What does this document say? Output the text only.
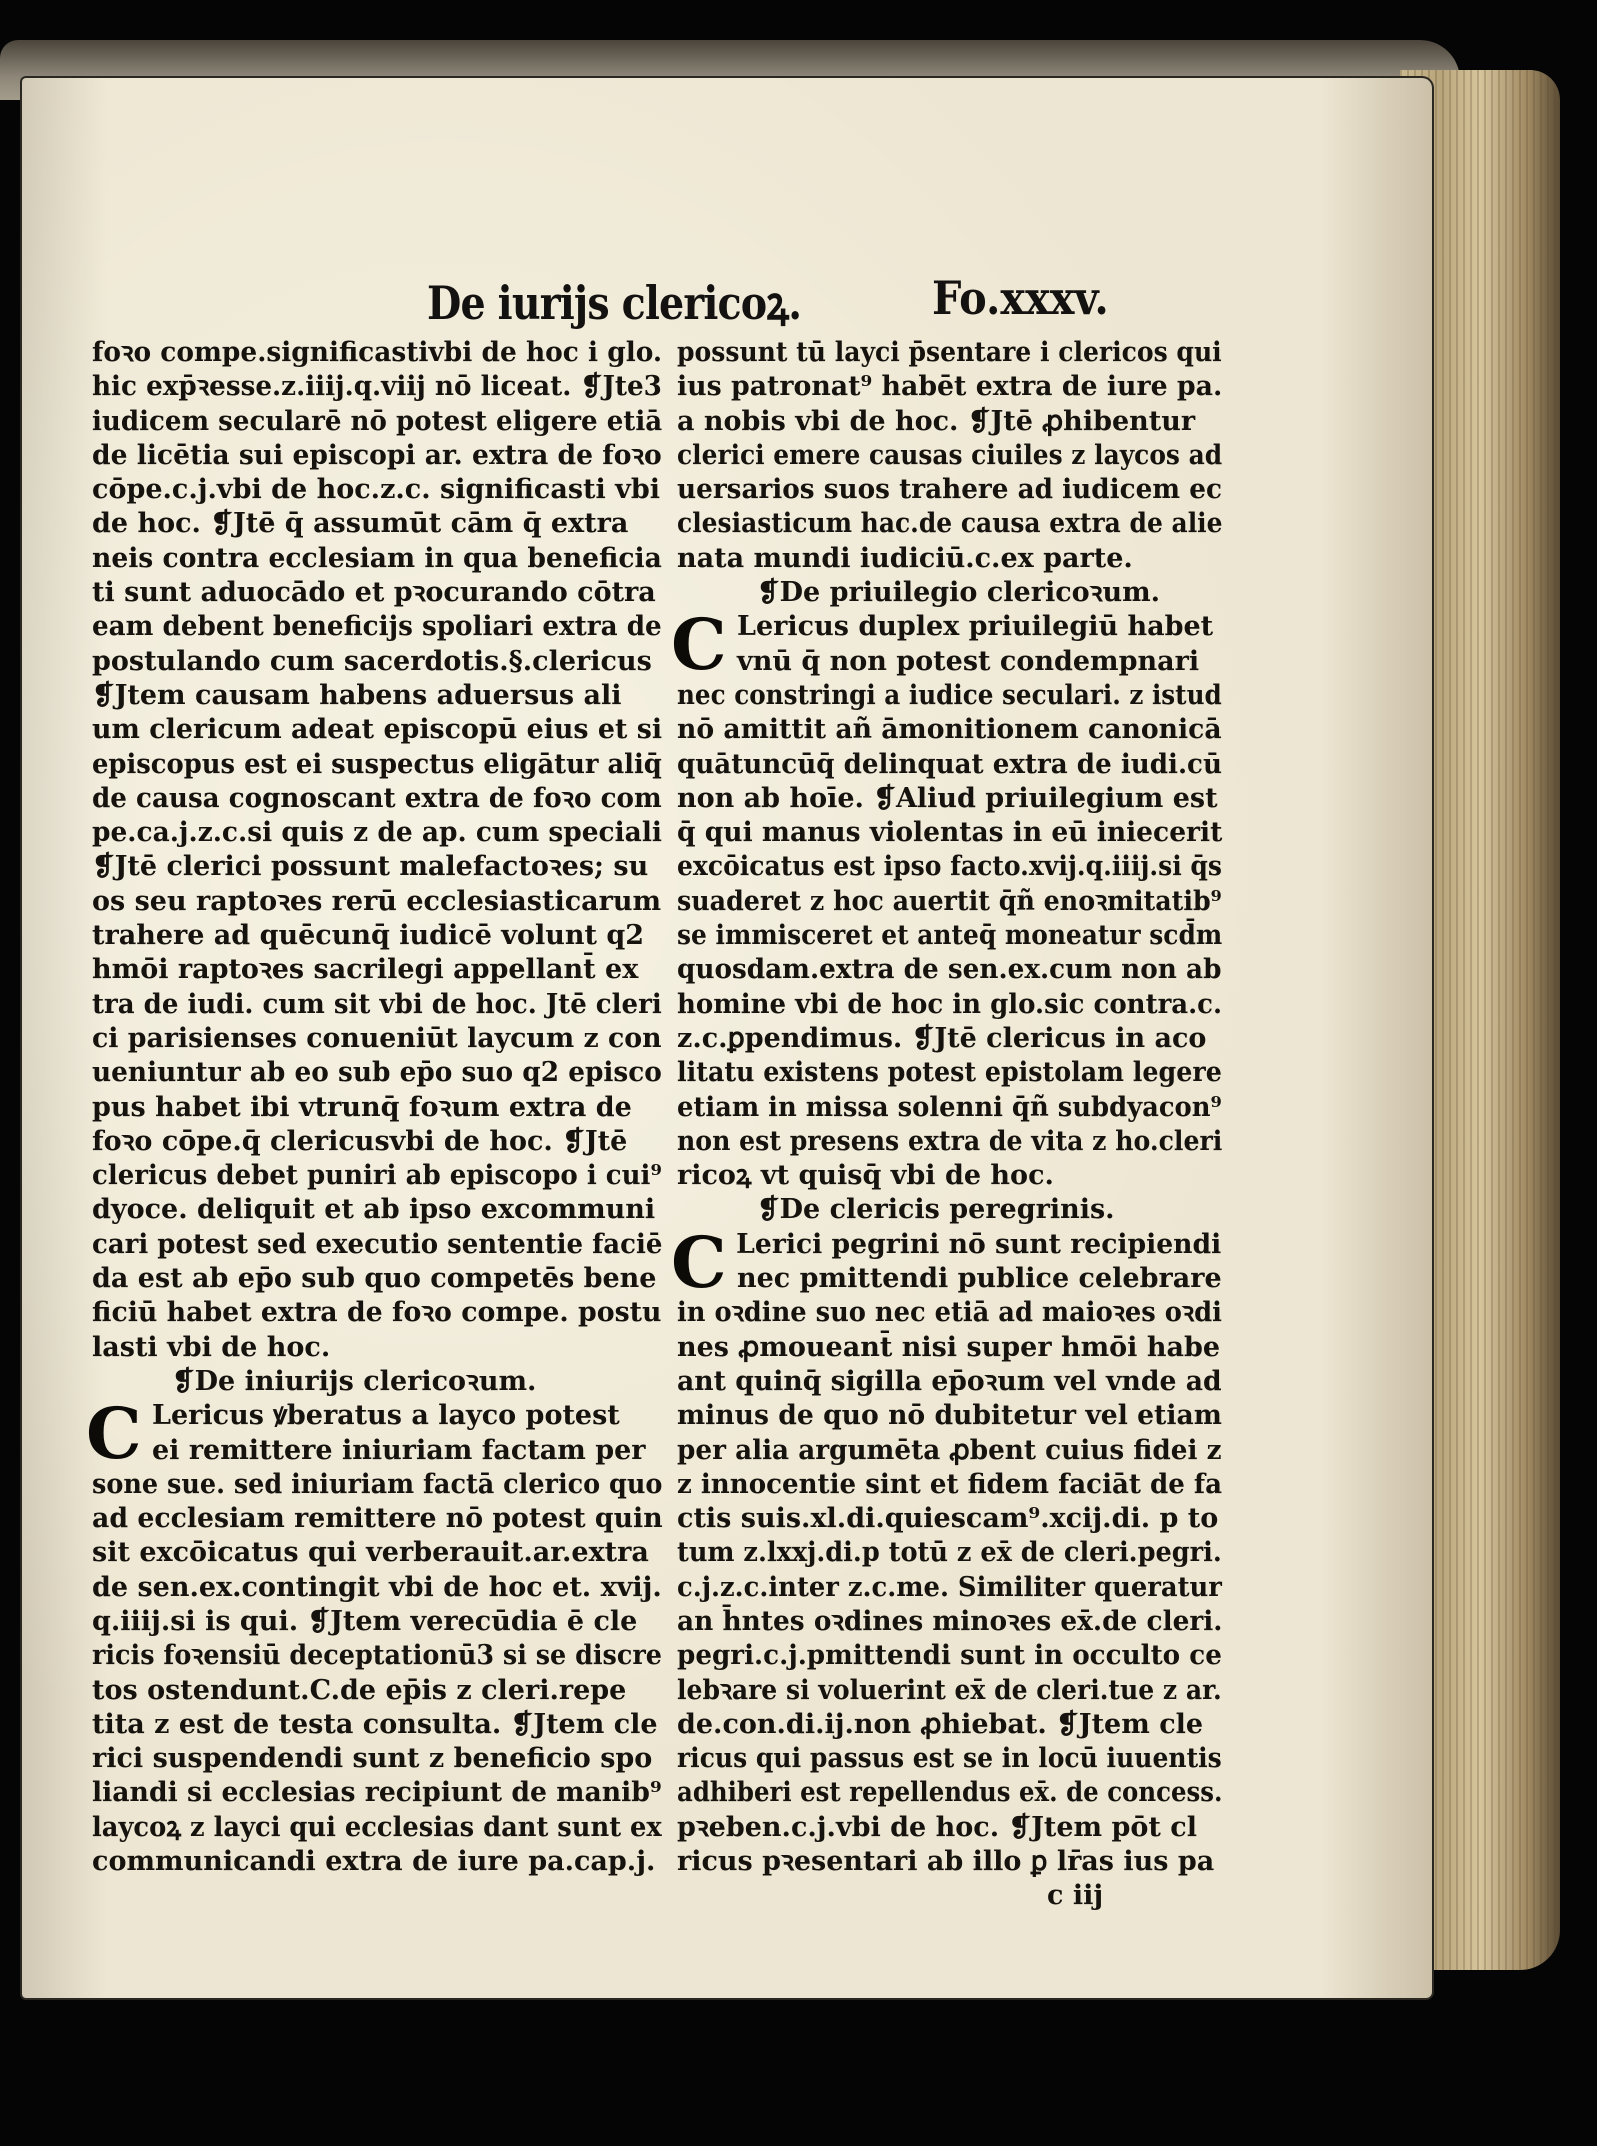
De iurijs clericoꝝ.	Fo.xxxv.
foꝛo compe.significastivbi de hoc i glo.
hic exp̄ꝛesse.z.iiij.q.viij nō liceat. ❡Jte3
iudicem secularē nō potest eligere etiā
de licētia sui episcopi ar. extra de foꝛo
cōpe.c.j.vbi de hoc.z.c. significasti vbi
de hoc. ❡Jtē q̄ assumūt cām q̄ extra
neis contra ecclesiam in qua beneficia
ti sunt aduocādo et pꝛocurando cōtra
eam debent beneficijs spoliari extra de
postulando cum sacerdotis.§.clericus
❡Jtem causam habens aduersus ali
um clericum adeat episcopū eius et si
episcopus est ei suspectus eligātur aliq̄
de causa cognoscant extra de foꝛo com
pe.ca.j.z.c.si quis z de ap. cum speciali
❡Jtē clerici possunt malefactoꝛes; su
os seu raptoꝛes rerū ecclesiasticarum
trahere ad quēcunq̄ iudicē volunt q2
hmōi raptoꝛes sacrilegi appellant̄ ex
tra de iudi. cum sit vbi de hoc. Jtē cleri
ci parisienses conueniūt laycum z con
ueniuntur ab eo sub ep̄o suo q2 episco
pus habet ibi vtrunq̄ foꝛum extra de
foꝛo cōpe.q̄ clericusvbi de hoc. ❡Jtē
clericus debet puniri ab episcopo i cui⁹
dyoce. deliquit et ab ipso excommuni
cari potest sed executio sententie faciē
da est ab ep̄o sub quo competēs bene
ficiū habet extra de foꝛo compe. postu
lasti vbi de hoc.
❡De iniurijs clericoꝛum.
C Lericus ꝟberatus a layco potest
ei remittere iniuriam factam per
sone sue. sed iniuriam factā clerico quo
ad ecclesiam remittere nō potest quin
sit excōicatus qui verberauit.ar.extra
de sen.ex.contingit vbi de hoc et. xvij.
q.iiij.si is qui. ❡Jtem verecūdia ē cle
ricis foꝛensiū deceptationū3 si se discre
tos ostendunt.C.de ep̄is z cleri.repe
tita z est de testa consulta. ❡Jtem cle
rici suspendendi sunt z beneficio spo
liandi si ecclesias recipiunt de manib⁹
laycoꝝ z layci qui ecclesias dant sunt ex
communicandi extra de iure pa.cap.j.
possunt tū layci p̄sentare i clericos qui
ius patronat⁹ habēt extra de iure pa.
a nobis vbi de hoc. ❡Jtē ꝓhibentur
clerici emere causas ciuiles z laycos ad
uersarios suos trahere ad iudicem ec
clesiasticum hac.de causa extra de alie
nata mundi iudiciū.c.ex parte.
❡De priuilegio clericoꝛum.
C Lericus duplex priuilegiū habet
vnū q̄ non potest condempnari
nec constringi a iudice seculari. z istud
nō amittit añ āmonitionem canonicā
quātuncūq̄ delinquat extra de iudi.cū
non ab hoīe. ❡Aliud priuilegium est
q̄ qui manus violentas in eū iniecerit
excōicatus est ipso facto.xvij.q.iiij.si q̄s
suaderet z hoc auertit q̄ñ enoꝛmitatib⁹
se immisceret et anteq̄ moneatur scd̄m
quosdam.extra de sen.ex.cum non ab
homine vbi de hoc in glo.sic contra.c.
z.c.ꝑpendimus. ❡Jtē clericus in aco
litatu existens potest epistolam legere
etiam in missa solenni q̄ñ subdyacon⁹
non est presens extra de vita z ho.cleri
ricoꝝ vt quisq̄ vbi de hoc.
❡De clericis peregrinis.
C Lerici pegrini nō sunt recipiendi
nec pmittendi publice celebrare
in oꝛdine suo nec etiā ad maioꝛes oꝛdi
nes ꝓmoueant̄ nisi super hmōi habe
ant quinq̄ sigilla ep̄oꝛum vel vnde ad
minus de quo nō dubitetur vel etiam
per alia argumēta ꝓbent cuius fidei z
z innocentie sint et fidem faciāt de fa
ctis suis.xl.di.quiescam⁹.xcij.di. p to
tum z.lxxj.di.p totū z ex̄ de cleri.pegri.
c.j.z.c.inter z.c.me. Similiter queratur
an h̄ntes oꝛdines minoꝛes ex̄.de cleri.
pegri.c.j.pmittendi sunt in occulto ce
lebꝛare si voluerint ex̄ de cleri.tue z ar.
de.con.di.ij.non ꝓhiebat. ❡Jtem cle
ricus qui passus est se in locū iuuentis
adhiberi est repellendus ex̄. de concess.
pꝛeben.c.j.vbi de hoc. ❡Jtem pōt cl
ricus pꝛesentari ab illo ꝑ lr̄as ius pa
c iij
